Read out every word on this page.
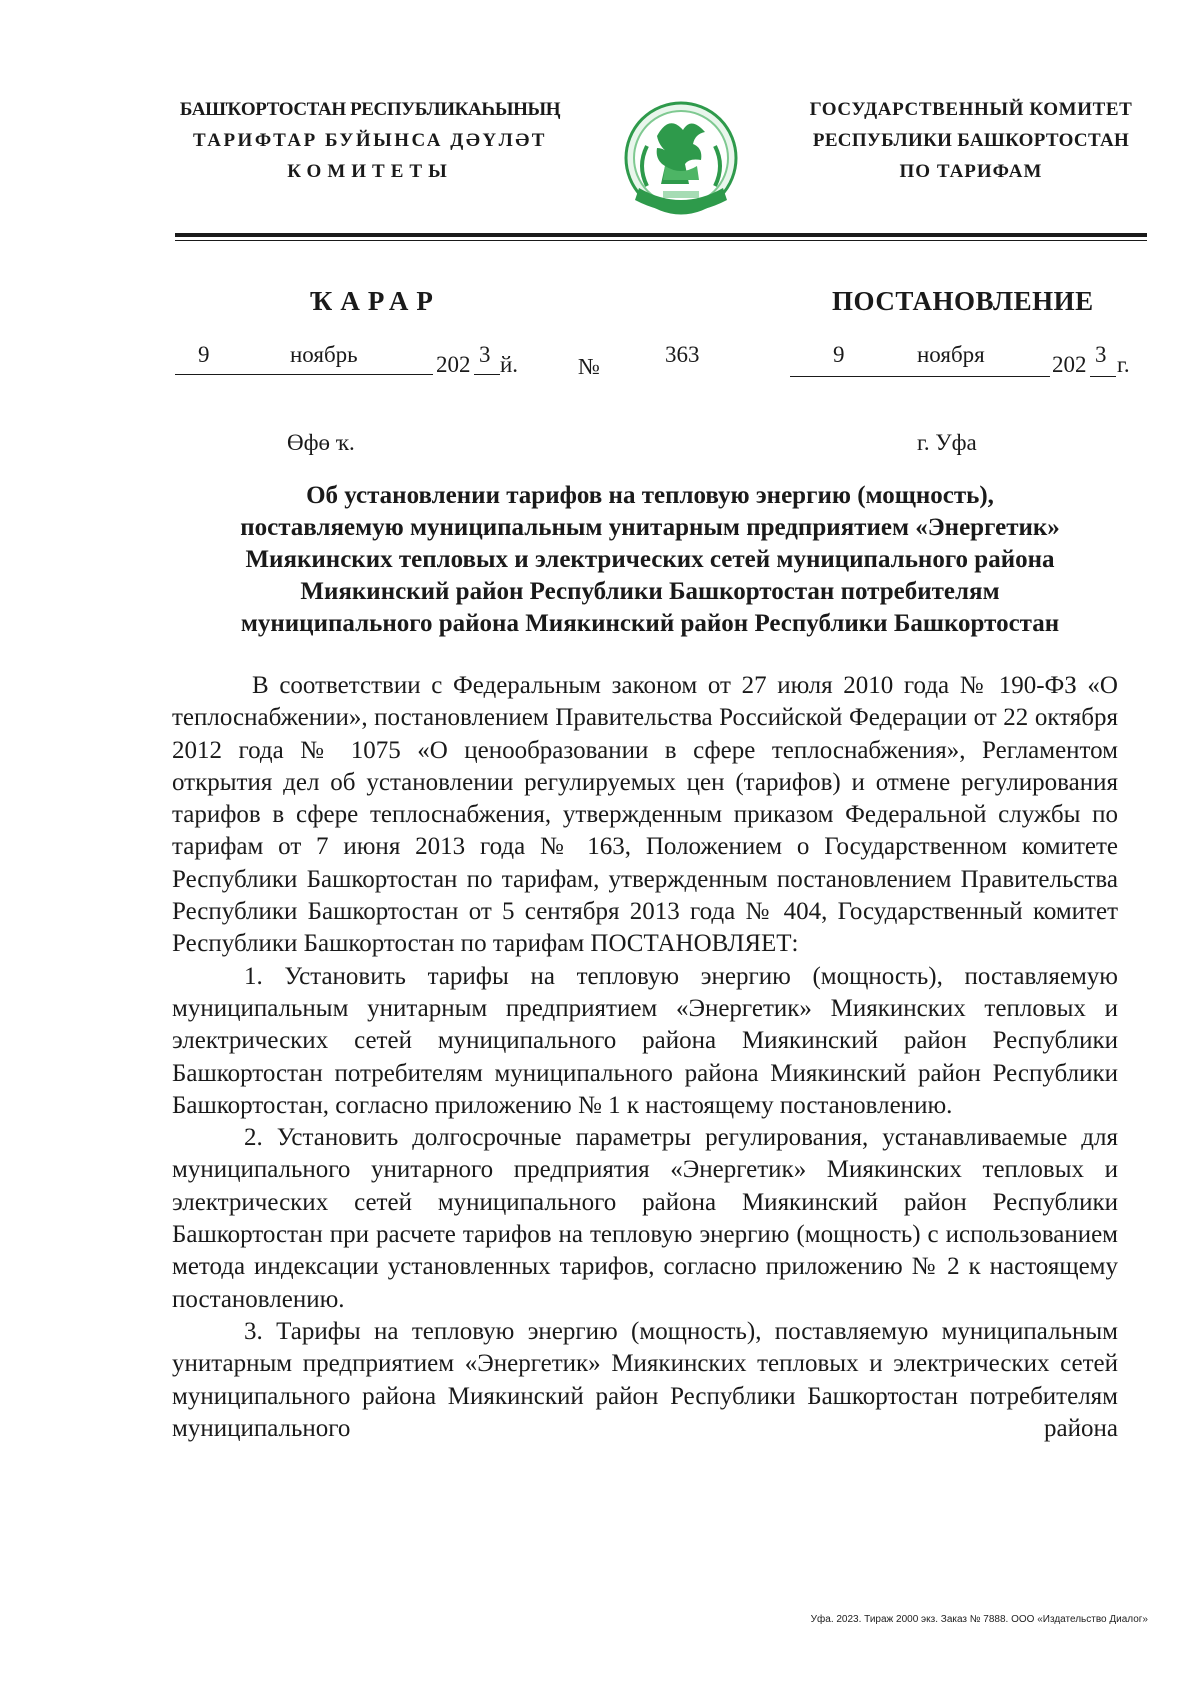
БАШҠОРТОСТАН РЕСПУБЛИКАҺЫНЫҢ
ТАРИФТАР БУЙЫНСА ДӘҮЛӘТ
КОМИТЕТЫ
ГОСУДАРСТВЕННЫЙ КОМИТЕТ
РЕСПУБЛИКИ БАШКОРТОСТАН
ПО ТАРИФАМ
ҠАРАР	ПОСТАНОВЛЕНИЕ
9	ноябрь	202 3 й.	№	363	9	ноября	202 3 г.
Өфө ҡ.	г. Уфа
Об установлении тарифов на тепловую энергию (мощность),
поставляемую муниципальным унитарным предприятием «Энергетик»
Миякинских тепловых и электрических сетей муниципального района
Миякинский район Республики Башкортостан потребителям
муниципального района Миякинский район Республики Башкортостан

В соответствии с Федеральным законом от 27 июля 2010 года № 190-ФЗ «О теплоснабжении», постановлением Правительства Российской Федерации от 22 октября 2012 года № 1075 «О ценообразовании в сфере теплоснабжения», Регламентом открытия дел об установлении регулируемых цен (тарифов) и отмене регулирования тарифов в сфере теплоснабжения, утвержденным приказом Федеральной службы по тарифам от 7 июня 2013 года № 163, Положением о Государственном комитете Республики Башкортостан по тарифам, утвержденным постановлением Правительства Республики Башкортостан от 5 сентября 2013 года № 404, Государственный комитет Республики Башкортостан по тарифам ПОСТАНОВЛЯЕТ:

1. Установить тарифы на тепловую энергию (мощность), поставляемую муниципальным унитарным предприятием «Энергетик» Миякинских тепловых и электрических сетей муниципального района Миякинский район Республики Башкортостан потребителям муниципального района Миякинский район Республики Башкортостан, согласно приложению № 1 к настоящему постановлению.

2. Установить долгосрочные параметры регулирования, устанавливаемые для муниципального унитарного предприятия «Энергетик» Миякинских тепловых и электрических сетей муниципального района Миякинский район Республики Башкортостан при расчете тарифов на тепловую энергию (мощность) с использованием метода индексации установленных тарифов, согласно приложению № 2 к настоящему постановлению.

3. Тарифы на тепловую энергию (мощность), поставляемую муниципальным унитарным предприятием «Энергетик» Миякинских тепловых и электрических сетей муниципального района Миякинский район Республики Башкортостан потребителям муниципального района

Уфа. 2023. Тираж 2000 экз. Заказ № 7888. ООО «Издательство Диалог»
